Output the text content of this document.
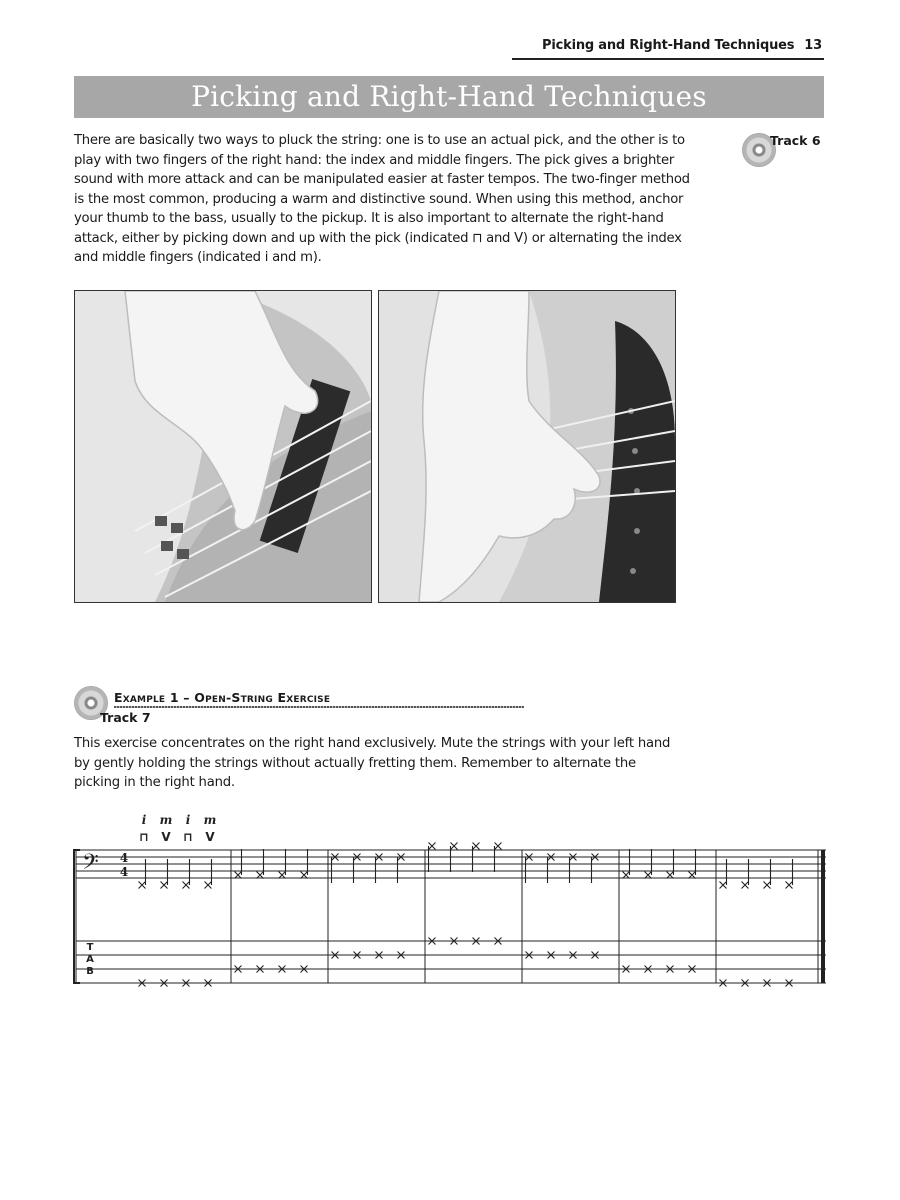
Picking and Right-Hand Techniques 13
Picking and Right-Hand Techniques
There are basically two ways to pluck the string: one is to use an actual pick, and the other is to play with two fingers of the right hand: the index and middle fingers. The pick gives a brighter sound with more attack and can be manipulated easier at faster tempos. The two-finger method is the most common, producing a warm and distinctive sound. When using this method, anchor your thumb to the bass, usually to the pickup. It is also important to alternate the right-hand attack, either by picking down and up with the pick (indicated ⊓ and V) or alternating the index and middle fingers (indicated i and m).
Track 6
Example 1 – Open-String Exercise
Track 7
This exercise concentrates on the right hand exclusively. Mute the strings with your left hand by gently holding the strings without actually fretting them. Remember to alternate the picking in the right hand.
i m i m
⊓ V ⊓ V
𝄢 4
4
T
A
B
